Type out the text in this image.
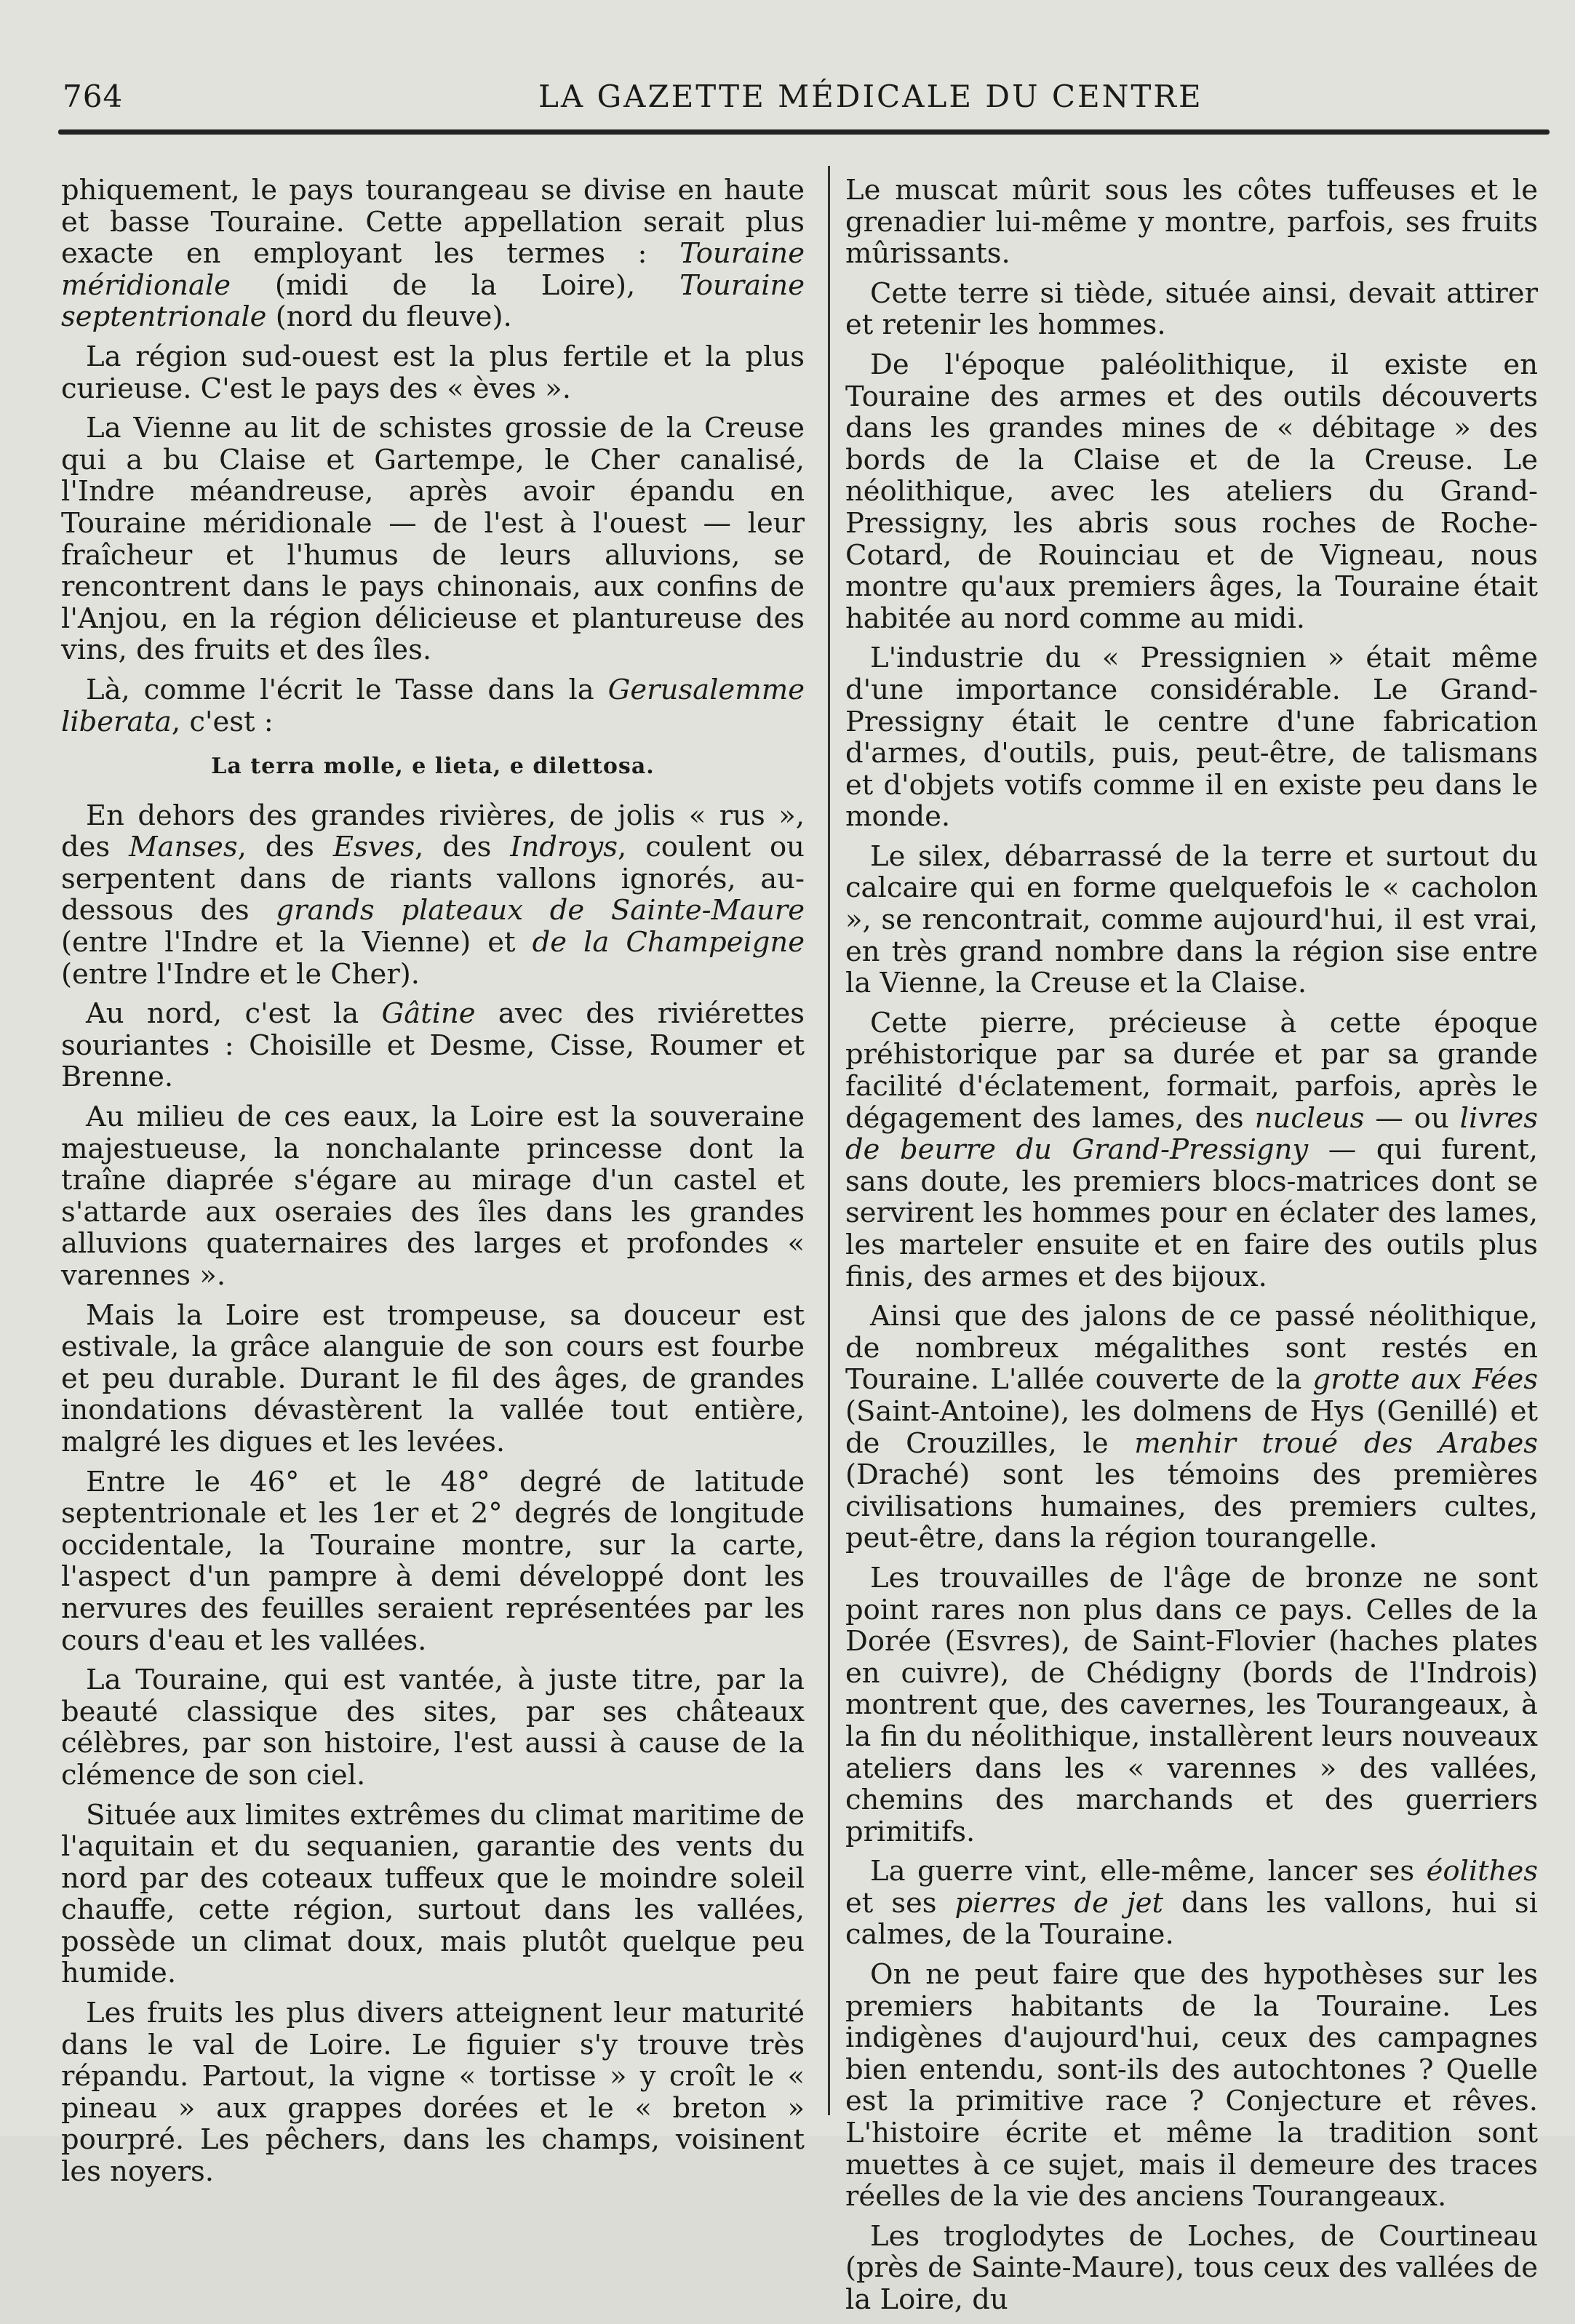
764	LA GAZETTE MÉDICALE DU CENTRE

phiquement, le pays tourangeau se divise en haute et basse Touraine. Cette appellation serait plus exacte en employant les termes : Touraine méridionale (midi de la Loire), Touraine septentrionale (nord du fleuve).

La région sud-ouest est la plus fertile et la plus curieuse. C'est le pays des « èves ».

La Vienne au lit de schistes grossie de la Creuse qui a bu Claise et Gartempe, le Cher canalisé, l'Indre méandreuse, après avoir épandu en Touraine méridionale — de l'est à l'ouest — leur fraîcheur et l'humus de leurs alluvions, se rencontrent dans le pays chinonais, aux confins de l'Anjou, en la région délicieuse et plantureuse des vins, des fruits et des îles.

Là, comme l'écrit le Tasse dans la Gerusalemme liberata, c'est :

La terra molle, e lieta, e dilettosa.

En dehors des grandes rivières, de jolis « rus », des Manses, des Esves, des Indroys, coulent ou serpentent dans de riants vallons ignorés, au-dessous des grands plateaux de Sainte-Maure (entre l'Indre et la Vienne) et de la Champeigne (entre l'Indre et le Cher).

Au nord, c'est la Gâtine avec des riviérettes souriantes : Choisille et Desme, Cisse, Roumer et Brenne.

Au milieu de ces eaux, la Loire est la souveraine majestueuse, la nonchalante princesse dont la traîne diaprée s'égare au mirage d'un castel et s'attarde aux oseraies des îles dans les grandes alluvions quaternaires des larges et profondes « varennes ».

Mais la Loire est trompeuse, sa douceur est estivale, la grâce alanguie de son cours est fourbe et peu durable. Durant le fil des âges, de grandes inondations dévastèrent la vallée tout entière, malgré les digues et les levées.

Entre le 46° et le 48° degré de latitude septentrionale et les 1er et 2° degrés de longitude occidentale, la Touraine montre, sur la carte, l'aspect d'un pampre à demi développé dont les nervures des feuilles seraient représentées par les cours d'eau et les vallées.

La Touraine, qui est vantée, à juste titre, par la beauté classique des sites, par ses châteaux célèbres, par son histoire, l'est aussi à cause de la clémence de son ciel.

Située aux limites extrêmes du climat maritime de l'aquitain et du sequanien, garantie des vents du nord par des coteaux tuffeux que le moindre soleil chauffe, cette région, surtout dans les vallées, possède un climat doux, mais plutôt quelque peu humide.

Les fruits les plus divers atteignent leur maturité dans le val de Loire. Le figuier s'y trouve très répandu. Partout, la vigne « tortisse » y croît le « pineau » aux grappes dorées et le « breton » pourpré. Les pêchers, dans les champs, voisinent les noyers.

Le muscat mûrit sous les côtes tuffeuses et le grenadier lui-même y montre, parfois, ses fruits mûrissants.

Cette terre si tiède, située ainsi, devait attirer et retenir les hommes.

De l'époque paléolithique, il existe en Touraine des armes et des outils découverts dans les grandes mines de « débitage » des bords de la Claise et de la Creuse. Le néolithique, avec les ateliers du Grand-Pressigny, les abris sous roches de Roche-Cotard, de Rouinciau et de Vigneau, nous montre qu'aux premiers âges, la Touraine était habitée au nord comme au midi.

L'industrie du « Pressignien » était même d'une importance considérable. Le Grand-Pressigny était le centre d'une fabrication d'armes, d'outils, puis, peut-être, de talismans et d'objets votifs comme il en existe peu dans le monde.

Le silex, débarrassé de la terre et surtout du calcaire qui en forme quelquefois le « cacholon », se rencontrait, comme aujourd'hui, il est vrai, en très grand nombre dans la région sise entre la Vienne, la Creuse et la Claise.

Cette pierre, précieuse à cette époque préhistorique par sa durée et par sa grande facilité d'éclatement, formait, parfois, après le dégagement des lames, des nucleus — ou livres de beurre du Grand-Pressigny — qui furent, sans doute, les premiers blocs-matrices dont se servirent les hommes pour en éclater des lames, les marteler ensuite et en faire des outils plus finis, des armes et des bijoux.

Ainsi que des jalons de ce passé néolithique, de nombreux mégalithes sont restés en Touraine. L'allée couverte de la grotte aux Fées (Saint-Antoine), les dolmens de Hys (Genillé) et de Crouzilles, le menhir troué des Arabes (Draché) sont les témoins des premières civilisations humaines, des premiers cultes, peut-être, dans la région tourangelle.

Les trouvailles de l'âge de bronze ne sont point rares non plus dans ce pays. Celles de la Dorée (Esvres), de Saint-Flovier (haches plates en cuivre), de Chédigny (bords de l'Indrois) montrent que, des cavernes, les Tourangeaux, à la fin du néolithique, installèrent leurs nouveaux ateliers dans les « varennes » des vallées, chemins des marchands et des guerriers primitifs.

La guerre vint, elle-même, lancer ses éolithes et ses pierres de jet dans les vallons, hui si calmes, de la Touraine.

On ne peut faire que des hypothèses sur les premiers habitants de la Touraine. Les indigènes d'aujourd'hui, ceux des campagnes bien entendu, sont-ils des autochtones ? Quelle est la primitive race ? Conjecture et rêves. L'histoire écrite et même la tradition sont muettes à ce sujet, mais il demeure des traces réelles de la vie des anciens Tourangeaux.

Les troglodytes de Loches, de Courtineau (près de Sainte-Maure), tous ceux des vallées de la Loire, du
